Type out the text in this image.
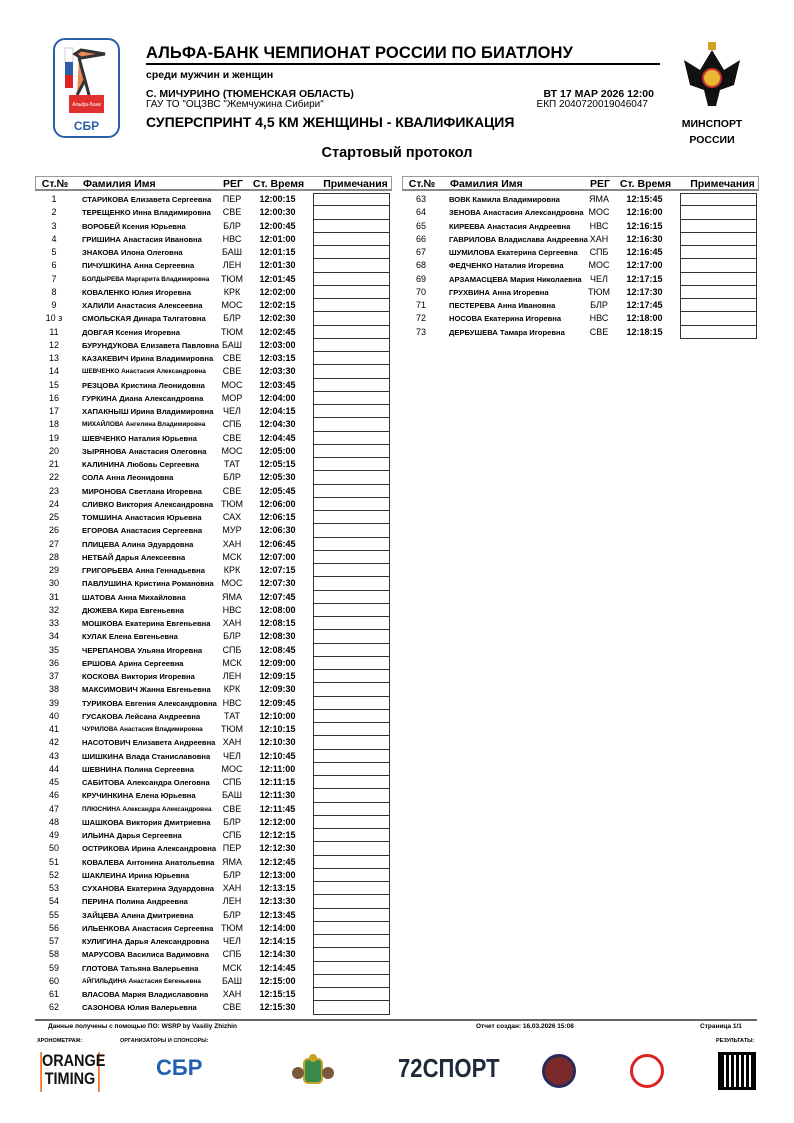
Альфа-Банк
СБР
АЛЬФА-БАНК ЧЕМПИОНАТ РОССИИ ПО БИАТЛОНУ
среди мужчин и женщин
С. МИЧУРИНО (ТЮМЕНСКАЯ ОБЛАСТЬ)
ГАУ ТО "ОЦЗВС "Жемчужина Сибири"
ВТ 17 МАР 2026 12:00
ЕКП 2040720019046047
СУПЕРСПРИНТ 4,5 КМ ЖЕНЩИНЫ - КВАЛИФИКАЦИЯ	МИНСПОРТ
РОССИИ
Стартовый протокол
Ст.№	Фамилия Имя	РЕГ Ст. Время	Примечания
1	СТАРИКОВА Елизавета Сергеевна	ПЕР	12:00:15
2	ТЕРЕЩЕНКО Инна Владимировна	СВЕ	12:00:30
3	ВОРОБЕЙ Ксения Юрьевна	БЛР	12:00:45
4	ГРИШИНА Анастасия Ивановна	НВС	12:01:00
5	ЗНАКОВА Илона Олеговна	БАШ	12:01:15
6	ПИЧУШКИНА Анна Сергеевна	ЛЕН	12:01:30
7	БОЛДЫРЕВА Маргарита Владимировна	ТЮМ	12:01:45
8	КОВАЛЕНКО Юлия Игоревна	КРК	12:02:00
9	ХАЛИЛИ Анастасия Алексеевна	МОС	12:02:15
10 з	СМОЛЬСКАЯ Динара Талгатовна	БЛР	12:02:30
11	ДОВГАЯ Ксения Игоревна	ТЮМ	12:02:45
12	БУРУНДУКОВА Елизавета Павловна БАШ	12:03:00
13	КАЗАКЕВИЧ Ирина Владимировна	СВЕ	12:03:15
14	ШЕВЧЕНКО Анастасия Александровна	СВЕ	12:03:30
15	РЕЗЦОВА Кристина Леонидовна	МОС	12:03:45
16	ГУРКИНА Диана Александровна	МОР	12:04:00
17	ХАПАКНЫШ Ирина Владимировна	ЧЕЛ	12:04:15
18	МИХАЙЛОВА Ангелина Владимировна	СПБ	12:04:30
19	ШЕВЧЕНКО Наталия Юрьевна	СВЕ	12:04:45
20	ЗЫРЯНОВА Анастасия Олеговна	МОС	12:05:00
21	КАЛИНИНА Любовь Сергеевна	ТАТ	12:05:15
22	СОЛА Анна Леонидовна	БЛР	12:05:30
23	МИРОНОВА Светлана Игоревна	СВЕ	12:05:45
24	СЛИВКО Виктория Александровна ТЮМ	12:06:00
25	ТОМШИНА Анастасия Юрьевна	САХ	12:06:15
26	ЕГОРОВА Анастасия Сергеевна	МУР	12:06:30
27	ПЛИЦЕВА Алина Эдуардовна	ХАН	12:06:45
28	НЕТБАЙ Дарья Алексеевна	МСК	12:07:00
29	ГРИГОРЬЕВА Анна Геннадьевна	КРК	12:07:15
30	ПАВЛУШИНА Кристина Романовна МОС	12:07:30
31	ШАТОВА Анна Михайловна	ЯМА	12:07:45
32	ДЮЖЕВА Кира Евгеньевна	НВС	12:08:00
33	МОШКОВА Екатерина Евгеньевна	ХАН	12:08:15
34	КУЛАК Елена Евгеньевна	БЛР	12:08:30
35	ЧЕРЕПАНОВА Ульяна Игоревна	СПБ	12:08:45
36	ЕРШОВА Арина Сергеевна	МСК	12:09:00
37	КОСКОВА Виктория Игоревна	ЛЕН	12:09:15
38	МАКСИМОВИЧ Жанна Евгеньевна	КРК	12:09:30
39	ТУРИКОВА Евгения Александровна НВС	12:09:45
40	ГУСАКОВА Лейсана Андреевна	ТАТ	12:10:00
41	ЧУРИЛОВА Анастасия Владимировна	ТЮМ	12:10:15
42	НАСОТОВИЧ Елизавета Андреевна ХАН	12:10:30
43	ШИШКИНА Влада Станиславовна	ЧЕЛ	12:10:45
44	ШЕВНИНА Полина Сергеевна	МОС	12:11:00
45	САБИТОВА Александра Олеговна	СПБ	12:11:15
46	КРУЧИНКИНА Елена Юрьевна	БАШ	12:11:30
47	ПЛЮСНИНА Александра Александровна	СВЕ	12:11:45
48	ШАШКОВА Виктория Дмитриевна	БЛР	12:12:00
49	ИЛЬИНА Дарья Сергеевна	СПБ	12:12:15
50	ОСТРИКОВА Ирина Александровна ПЕР	12:12:30
51	КОВАЛЕВА Антонина Анатольевна ЯМА	12:12:45
52	ШАКЛЕИНА Ирина Юрьевна	БЛР	12:13:00
53	СУХАНОВА Екатерина Эдуардовна ХАН	12:13:15
54	ПЕРИНА Полина Андреевна	ЛЕН	12:13:30
55	ЗАЙЦЕВА Алина Дмитриевна	БЛР	12:13:45
56	ИЛЬЕНКОВА Анастасия Сергеевна ТЮМ	12:14:00
57	КУЛИГИНА Дарья Александровна	ЧЕЛ	12:14:15
58	МАРУСОВА Василиса Вадимовна	СПБ	12:14:30
59	ГЛОТОВА Татьяна Валерьевна	МСК	12:14:45
60	АЙГИЛЬДИНА Анастасия Евгеньевна	БАШ	12:15:00
61	ВЛАСОВА Мария Владиславовна	ХАН	12:15:15
62	САЗОНОВА Юлия Валерьевна	СВЕ	12:15:30
Ст.№	Фамилия Имя	РЕГ Ст. Время	Примечания
63	ВОВК Камила Владимировна	ЯМА	12:15:45
64	ЗЕНОВА Анастасия Александровна МОС	12:16:00
65	КИРЕЕВА Анастасия Андреевна	НВС	12:16:15
66	ГАВРИЛОВА Владислава Андреевна ХАН	12:16:30
67	ШУМИЛОВА Екатерина Сергеевна	СПБ	12:16:45
68	ФЕДЧЕНКО Наталия Игоревна	МОС	12:17:00
69	АРЗАМАСЦЕВА Мария Николаевна ЧЕЛ	12:17:15
70	ГРУХВИНА Анна Игоревна	ТЮМ	12:17:30
71	ПЕСТЕРЕВА Анна Ивановна	БЛР	12:17:45
72	НОСОВА Екатерина Игоревна	НВС	12:18:00
73	ДЕРБУШЕВА Тамара Игоревна	СВЕ	12:18:15
Данные получены с помощью ПО: WSRP by Vasiliy Zhizhin	Отчет создан: 16.03.2026 15:08	Страница 1/1
ХРОНОМЕТРАЖ:	ОРГАНИЗАТОРЫ И СПОНСОРЫ:	РЕЗУЛЬТАТЫ:
ORANGE TIMING	СБР	72СПОРТ
